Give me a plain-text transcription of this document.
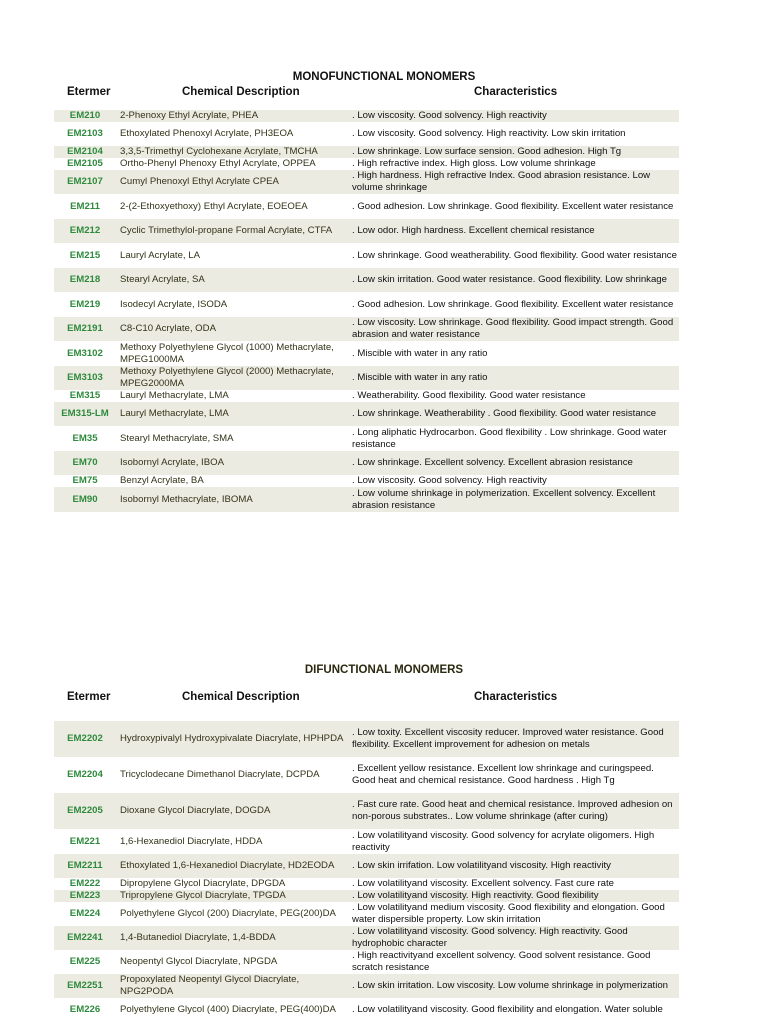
MONOFUNCTIONAL MONOMERS
Etermer	Chemical Description	Characteristics
EM210	2-Phenoxy Ethyl Acrylate, PHEA	. Low viscosity. Good solvency. High reactivity
EM2103	Ethoxylated Phenoxyl Acrylate, PH3EOA	. Low viscosity. Good solvency. High reactivity. Low skin irritation
EM2104	3,3,5-Trimethyl Cyclohexane Acrylate, TMCHA	. Low shrinkage. Low surface sension. Good adhesion. High Tg
EM2105	Ortho-Phenyl Phenoxy Ethyl Acrylate, OPPEA	. High refractive index. High gloss. Low volume shrinkage
EM2107	Cumyl Phenoxyl Ethyl Acrylate CPEA	. High hardness. High refractive Index. Good abrasion resistance. Low volume shrinkage
EM211	2-(2-Ethoxyethoxy) Ethyl Acrylate, EOEOEA	. Good adhesion. Low shrinkage. Good flexibility. Excellent water resistance
EM212	Cyclic Trimethylol-propane Formal Acrylate, CTFA	. Low odor. High hardness. Excellent chemical resistance
EM215	Lauryl Acrylate, LA	. Low shrinkage. Good weatherability. Good flexibility. Good water resistance
EM218	Stearyl Acrylate, SA	. Low skin irritation. Good water resistance. Good flexibility. Low shrinkage
EM219	Isodecyl Acrylate, ISODA	. Good adhesion. Low shrinkage. Good flexibility. Excellent water resistance
EM2191	C8-C10 Acrylate, ODA	. Low viscosity. Low shrinkage. Good flexibility. Good impact strength. Good abrasion and water resistance
EM3102	Methoxy Polyethylene Glycol (1000) Methacrylate, MPEG1000MA	. Miscible with water in any ratio
EM3103	Methoxy Polyethylene Glycol (2000) Methacrylate, MPEG2000MA	. Miscible with water in any ratio
EM315	Lauryl Methacrylate, LMA	. Weatherability. Good flexibility. Good water resistance
EM315-LM	Lauryl Methacrylate, LMA	. Low shrinkage. Weatherability . Good flexibility. Good water resistance
EM35	Stearyl Methacrylate, SMA	. Long aliphatic Hydrocarbon. Good flexibility . Low shrinkage. Good water resistance
EM70	Isobornyl Acrylate, IBOA	. Low shrinkage. Excellent solvency. Excellent abrasion resistance
EM75	Benzyl Acrylate, BA	. Low viscosity. Good solvency. High reactivity
EM90	Isobornyl Methacrylate, IBOMA	. Low volume shrinkage in polymerization. Excellent solvency. Excellent abrasion resistance
DIFUNCTIONAL MONOMERS
Etermer	Chemical Description	Characteristics
EM2202	Hydroxypivalyl Hydroxypivalate Diacrylate, HPHPDA	. Low toxity. Excellent viscosity reducer. Improved water resistance. Good flexibility. Excellent improvement for adhesion on metals
EM2204	Tricyclodecane Dimethanol Diacrylate, DCPDA	. Excellent yellow resistance. Excellent low shrinkage and curingspeed. Good heat and chemical resistance. Good hardness . High Tg
EM2205	Dioxane Glycol Diacrylate, DOGDA	. Fast cure rate. Good heat and chemical resistance. Improved adhesion on non-porous substrates.. Low volume shrinkage (after curing)
EM221	1,6-Hexanediol Diacrylate, HDDA	. Low volatilityand viscosity. Good solvency for acrylate oligomers. High reactivity
EM2211	Ethoxylated 1,6-Hexanediol Diacrylate, HD2EODA	. Low skin irrifation. Low volatilityand viscosity. High reactivity
EM222	Dipropylene Glycol Diacrylate, DPGDA	. Low volatilityand viscosity. Excellent solvency. Fast cure rate
EM223	Tripropylene Glycol Diacrylate, TPGDA	. Low volatilityand viscosity. High reactivity. Good flexibility
EM224	Polyethylene Glycol (200) Diacrylate, PEG(200)DA	. Low volatilityand medium viscosity. Good flexibility and elongation. Good water dispersible property. Low skin irritation
EM2241	1,4-Butanediol Diacrylate, 1,4-BDDA	. Low volatilityand viscosity. Good solvency. High reactivity. Good hydrophobic character
EM225	Neopentyl Glycol Diacrylate, NPGDA	. High reactivityand excellent solvency. Good solvent resistance. Good scratch resistance
EM2251	Propoxylated Neopentyl Glycol Diacrylate, NPG2PODA	. Low skin irritation. Low viscosity. Low volume shrinkage in polymerization
EM226	Polyethylene Glycol (400) Diacrylate, PEG(400)DA	. Low volatilityand viscosity. Good flexibility and elongation. Water soluble
